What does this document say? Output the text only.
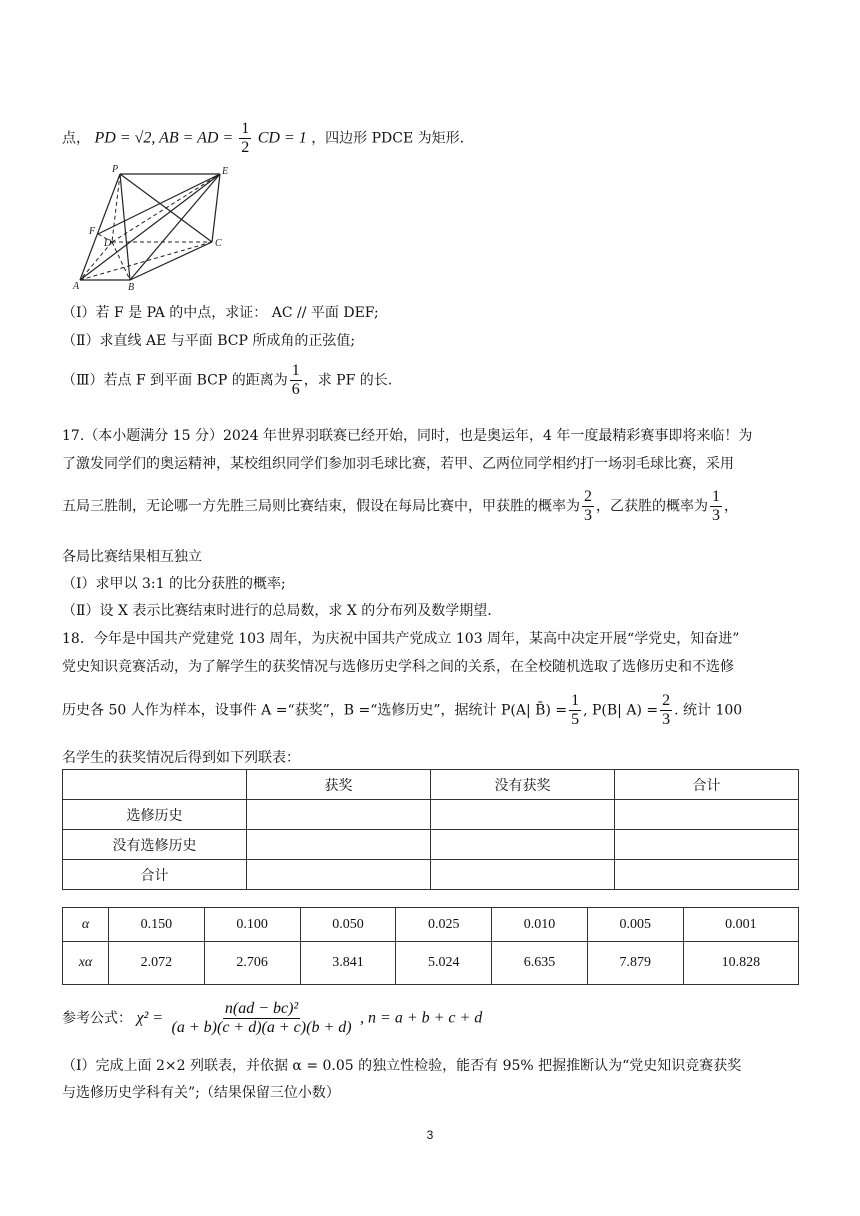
点， PD = √2, AB = AD = $\frac{1}{2}$ CD = 1 ，四边形 PDCE 为矩形.
P	E
F
D	C
A	B
（I）若 F 是 PA 的中点，求证： AC // 平面 DEF;
（Ⅱ）求直线 AE 与平面 BCP 所成角的正弦值;
（Ⅲ）若点 F 到平面 BCP 的距离为 $\frac{1}{6}$ ，求 PF 的长.
17.（本小题满分 15 分）2024 年世界羽联赛已经开始，同时，也是奥运年，4 年一度最精彩赛事即将来临！为
了激发同学们的奥运精神，某校组织同学们参加羽毛球比赛，若甲、乙两位同学相约打一场羽毛球比赛，采用
五局三胜制，无论哪一方先胜三局则比赛结束，假设在每局比赛中，甲获胜的概率为 $\frac{2}{3}$ ，乙获胜的概率为 $\frac{1}{3}$ ，
各局比赛结果相互独立
（I）求甲以 3:1 的比分获胜的概率;
（Ⅱ）设 X 表示比赛结束时进行的总局数，求 X 的分布列及数学期望.
18．今年是中国共产党建党 103 周年，为庆祝中国共产党成立 103 周年，某高中决定开展“学党史，知奋进”
党史知识竞赛活动，为了解学生的获奖情况与选修历史学科之间的关系，在全校随机选取了选修历史和不选修
历史各 50 人作为样本，设事件 A =“获奖”，B =“选修历史”，据统计 P(A| B̄) = $\frac{1}{5}$ , P(B| $A) = \frac{2}{3}$ . 统计 100
名学生的获奖情况后得到如下列联表：
	获奖	没有获奖	合计
选修历史			
没有选修历史			
合计			
α	0.150	0.100	0.050	0.025	0.010	0.005	0.001
xα	2.072	2.706	3.841	5.024	6.635	7.879	10.828
参考公式： $\chi^2 = \frac{\text{n(ad − bc)²}}{(a + b)(c + d)(a + c)(b + d)}$ , n = a + b + c + d
（I）完成上面 2×2 列联表，并依据 α = 0.05 的独立性检验，能否有 95% 把握推断认为“党史知识竞赛获奖
与选修历史学科有关”;（结果保留三位小数）
3
